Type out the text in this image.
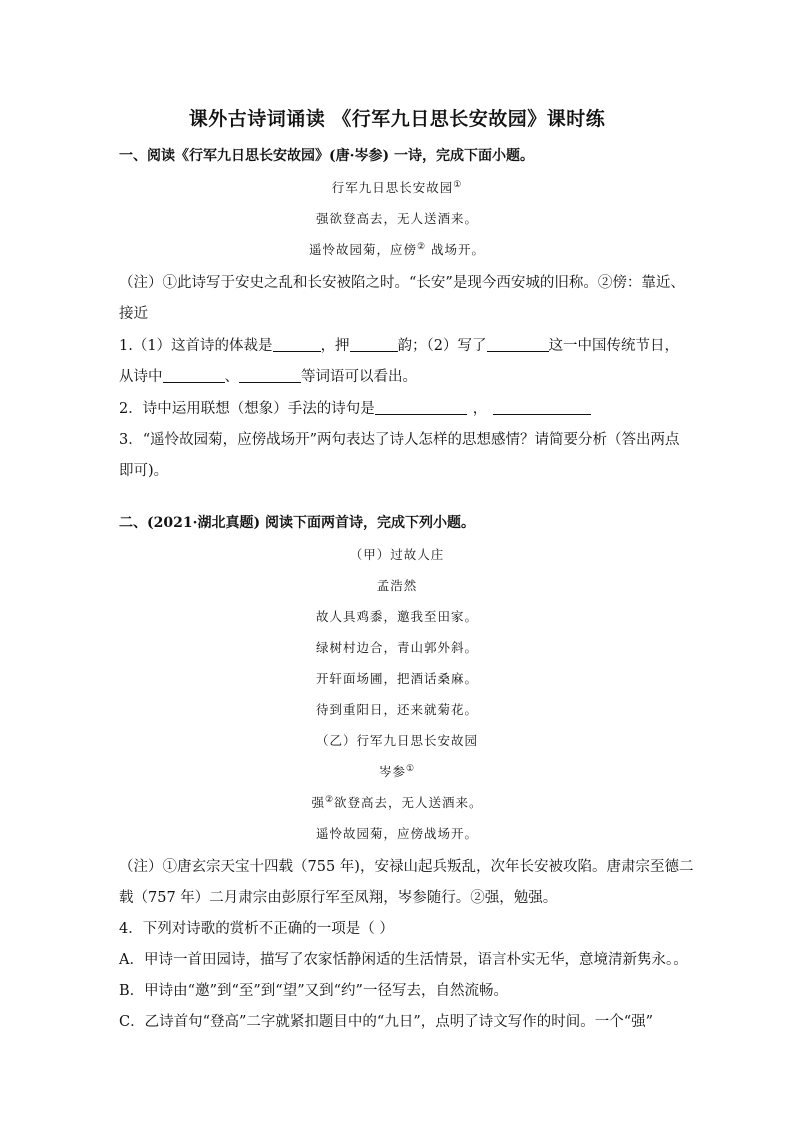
课外古诗词诵读 《行军九日思长安故园》课时练
一、阅读《行军九日思长安故园》(唐·岑参) 一诗，完成下面小题。
行军九日思长安故园①
强欲登高去，无人送酒来。
遥怜故园菊，应傍② 战场开。
（注）①此诗写于安史之乱和长安被陷之时。“长安”是现今西安城的旧称。②傍：靠近、
接近
1.（1）这首诗的体裁是	，押	韵；（2）写了	这一中国传统节日，
从诗中	、	等词语可以看出。
2．诗中运用联想（想象）手法的诗句是	，
3．“遥怜故园菊，应傍战场开”两句表达了诗人怎样的思想感情？请简要分析（答出两点
即可)。
二、(2021·湖北真题) 阅读下面两首诗，完成下列小题。
（甲）过故人庄
孟浩然
故人具鸡黍，邀我至田家。
绿树村边合，青山郭外斜。
开轩面场圃，把酒话桑麻。
待到重阳日，还来就菊花。
（乙）行军九日思长安故园
岑参①
强②欲登高去，无人送酒来。
遥怜故园菊，应傍战场开。
（注）①唐玄宗天宝十四载（755 年)，安禄山起兵叛乱，次年长安被攻陷。唐肃宗至德二
载（757 年）二月肃宗由彭原行军至凤翔，岑参随行。②强，勉强。
4．下列对诗歌的赏析不正确的一项是（ ）
A．甲诗一首田园诗，描写了农家恬静闲适的生活情景，语言朴实无华，意境清新隽永。。
B．甲诗由“邀”到“至”到“望”又到“约”一径写去，自然流畅。
C．乙诗首句“登高”二字就紧扣题目中的“九日”，点明了诗文写作的时间。一个“强”
